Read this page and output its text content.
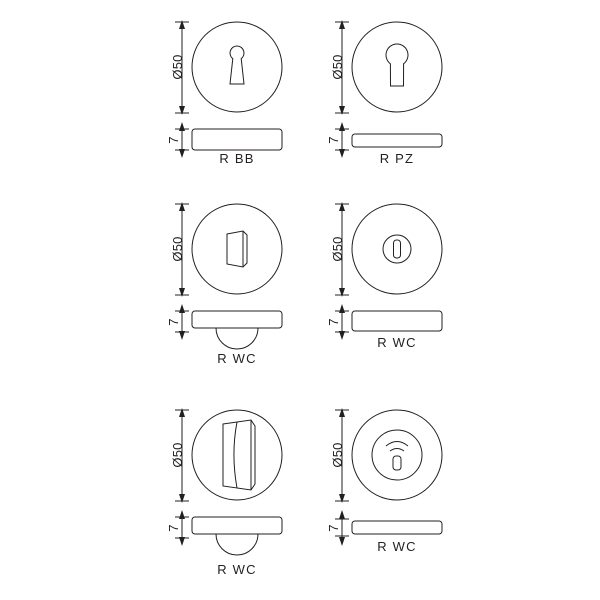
Ø50
7
R BB
Ø50
7
R PZ
Ø50
7
R WC
Ø50
7
R WC
Ø50
7
R WC
Ø50
7
R WC
